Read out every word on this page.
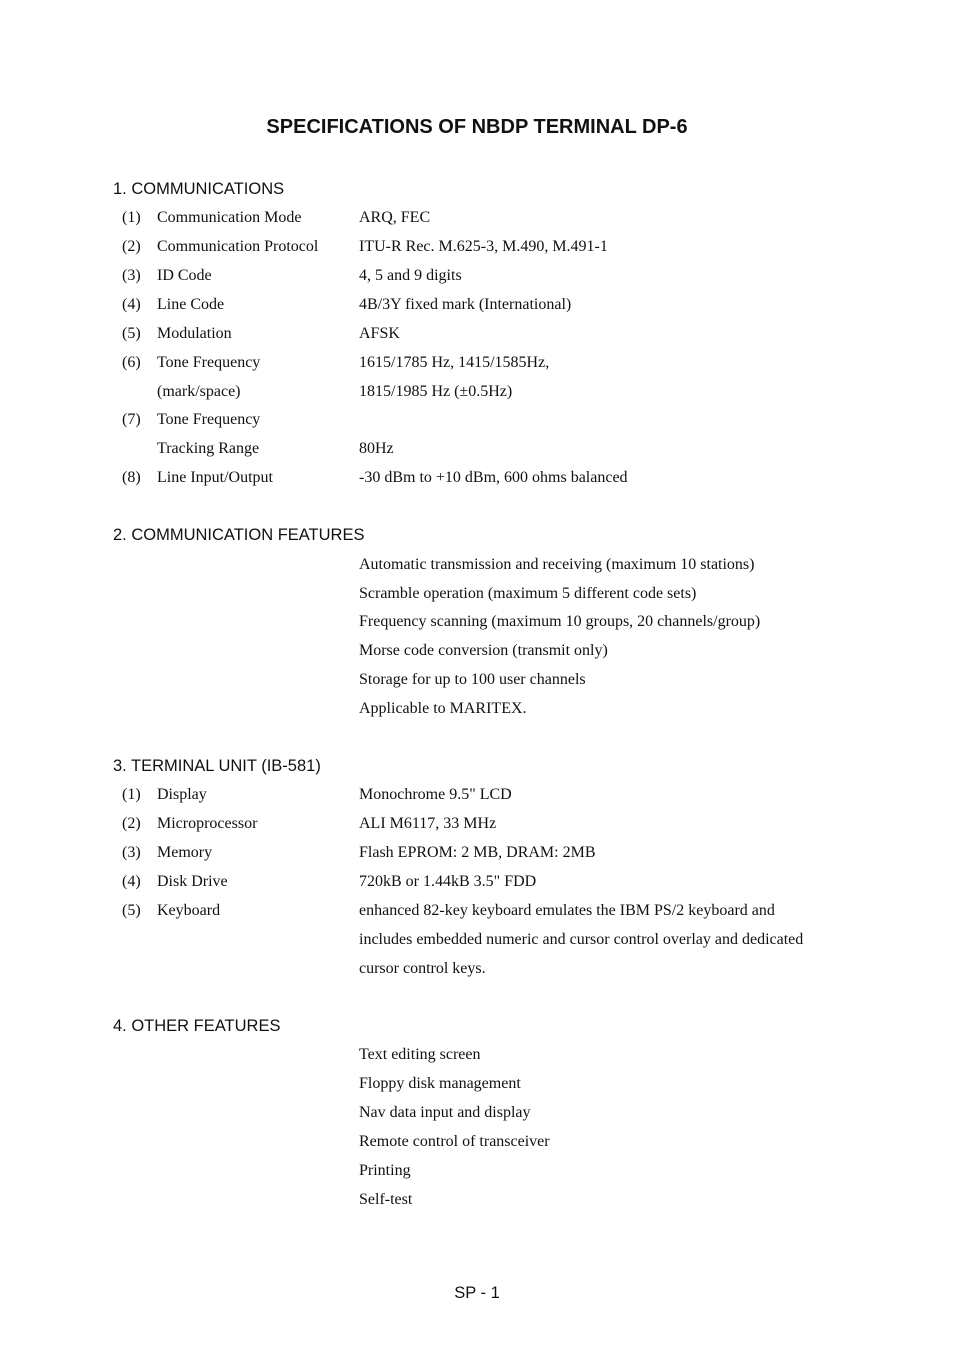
SPECIFICATIONS OF NBDP TERMINAL DP-6
1. COMMUNICATIONS
(1) Communication Mode	ARQ, FEC
(2) Communication Protocol	ITU-R Rec. M.625-3, M.490, M.491-1
(3) ID Code	4, 5 and 9 digits
(4) Line Code	4B/3Y fixed mark (International)
(5) Modulation	AFSK
(6) Tone Frequency	1615/1785 Hz, 1415/1585Hz,
(mark/space)	1815/1985 Hz (±0.5Hz)
(7) Tone Frequency
Tracking Range	80Hz
(8) Line Input/Output	-30 dBm to +10 dBm, 600 ohms balanced
2. COMMUNICATION FEATURES
Automatic transmission and receiving (maximum 10 stations)
Scramble operation (maximum 5 different code sets)
Frequency scanning (maximum 10 groups, 20 channels/group)
Morse code conversion (transmit only)
Storage for up to 100 user channels
Applicable to MARITEX.
3. TERMINAL UNIT (IB-581)
(1) Display	Monochrome 9.5" LCD
(2) Microprocessor	ALI M6117, 33 MHz
(3) Memory	Flash EPROM: 2 MB, DRAM: 2MB
(4) Disk Drive	720kB or 1.44kB 3.5" FDD
(5) Keyboard	enhanced 82-key keyboard emulates the IBM PS/2 keyboard and
includes embedded numeric and cursor control overlay and dedicated
cursor control keys.
4. OTHER FEATURES
Text editing screen
Floppy disk management
Nav data input and display
Remote control of transceiver
Printing
Self-test
SP - 1
